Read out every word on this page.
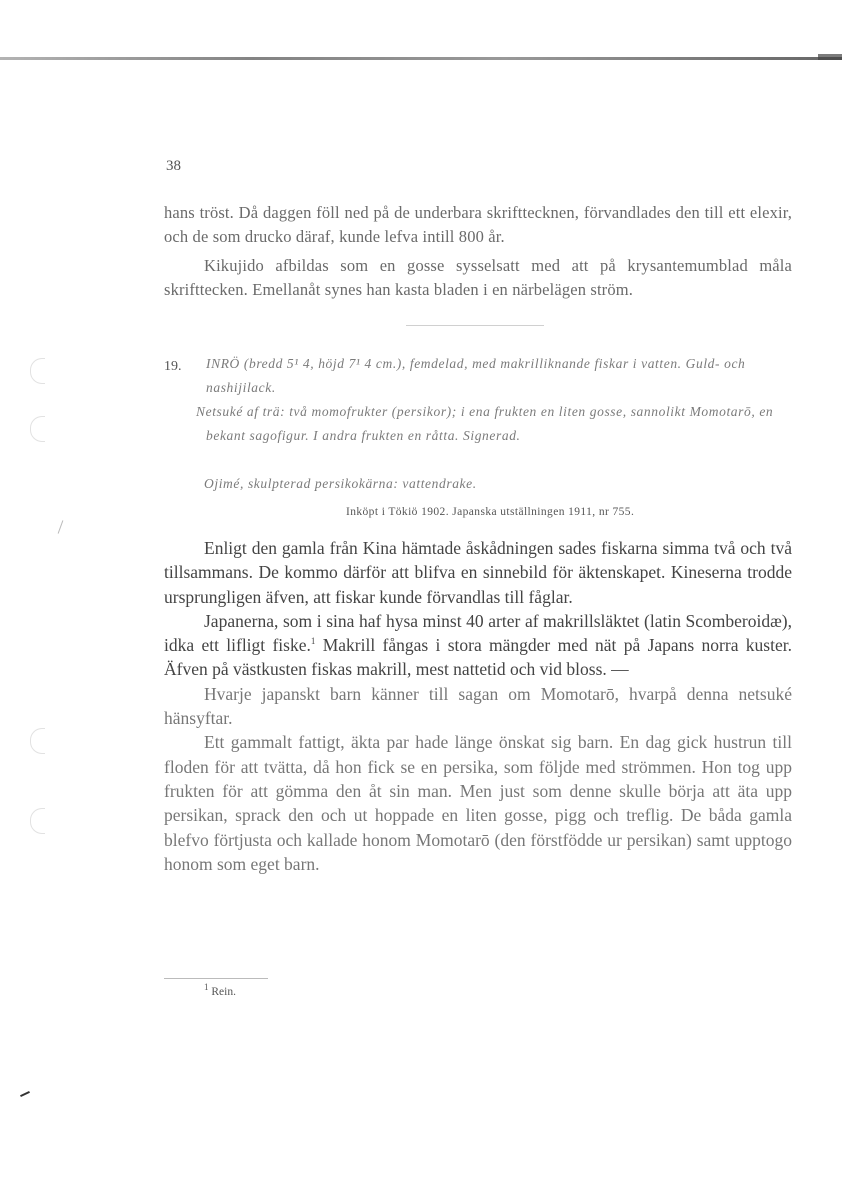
38

hans tröst. Då daggen föll ned på de underbara skrifttecknen, förvandlades den till ett elexir, och de som drucko däraf, kunde lefva intill 800 år.

Kikujido afbildas som en gosse sysselsatt med att på krysantemumblad måla skrifttecken. Emellanåt synes han kasta bladen i en närbelägen ström.

19. INRÖ (bredd 5¹ 4, höjd 7¹ 4 cm.), femdelad, med makrilliknande fiskar i vatten. Guld- och nashijilack.

Netsuké af trä: två momofrukter (persikor); i ena frukten en liten gosse, sannolikt Momotarō, en bekant sagofigur. I andra frukten en råtta. Signerad.

Ojimé, skulpterad persikokärna: vattendrake.

Inköpt i Tökiö 1902. Japanska utställningen 1911, nr 755.

Enligt den gamla från Kina hämtade åskådningen sades fiskarna simma två och två tillsammans. De kommo därför att blifva en sinnebild för äktenskapet. Kineserna trodde ursprungligen äfven, att fiskar kunde förvandlas till fåglar.

Japanerna, som i sina haf hysa minst 40 arter af makrillsläktet (latin Scomberoidæ), idka ett lifligt fiske.$^1$ Makrill fångas i stora mängder med nät på Japans norra kuster. Äfven på västkusten fiskas makrill, mest nattetid och vid bloss. —

Hvarje japanskt barn känner till sagan om Momotarō, hvarpå denna netsuké hänsyftar.

Ett gammalt fattigt, äkta par hade länge önskat sig barn. En dag gick hustrun till floden för att tvätta, då hon fick se en persika, som följde med strömmen. Hon tog upp frukten för att gömma den åt sin man. Men just som denne skulle börja att äta upp persikan, sprack den och ut hoppade en liten gosse, pigg och treflig. De båda gamla blefvo förtjusta och kallade honom Momotarō (den förstfödde ur persikan) samt upptogo honom som eget barn.

$^1$ Rein.
